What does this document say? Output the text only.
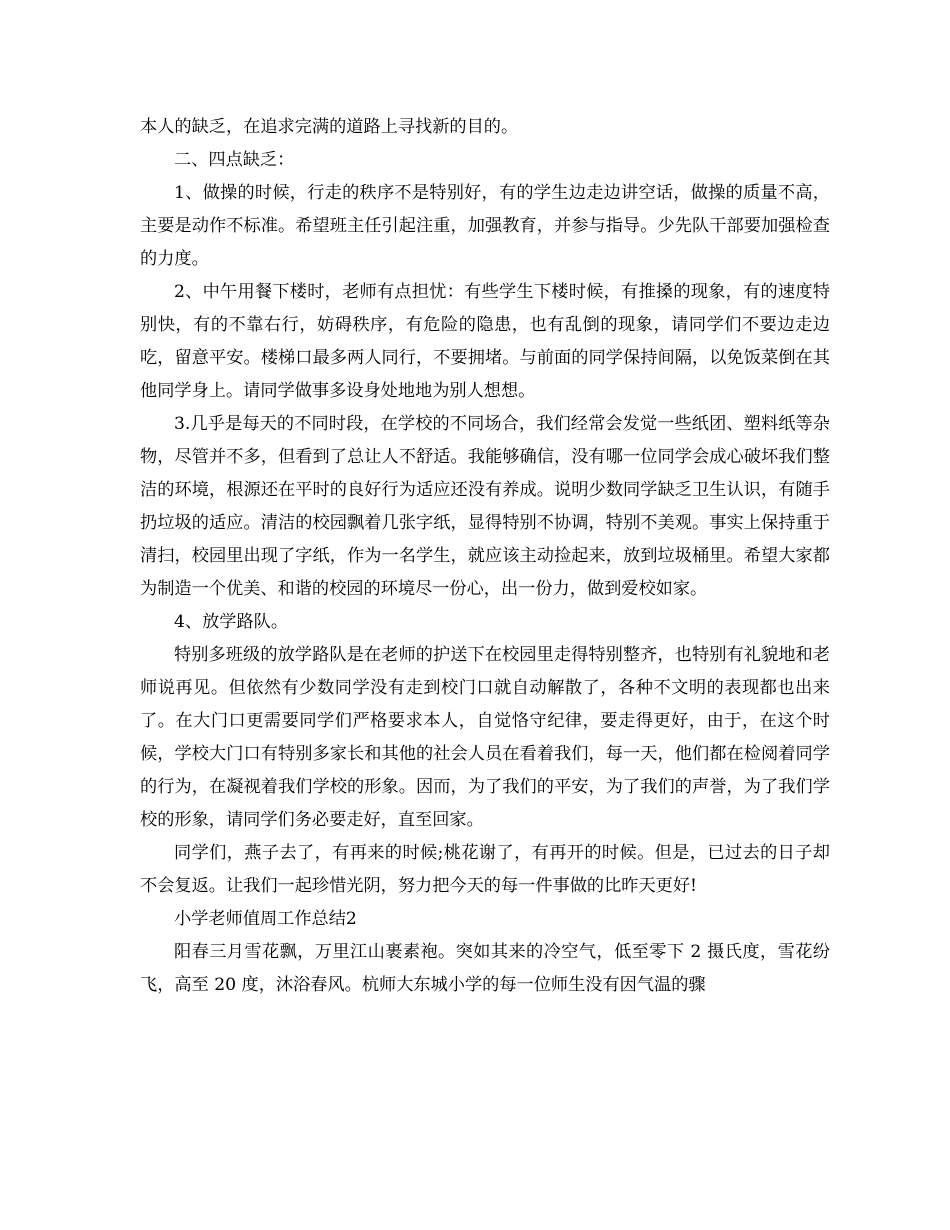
本人的缺乏，在追求完满的道路上寻找新的目的。

二、四点缺乏：

1、做操的时候，行走的秩序不是特别好，有的学生边走边讲空话，做操的质量不高，主要是动作不标准。希望班主任引起注重，加强教育，并参与指导。少先队干部要加强检查的力度。

2、中午用餐下楼时，老师有点担忧：有些学生下楼时候，有推搡的现象，有的速度特别快，有的不靠右行，妨碍秩序，有危险的隐患，也有乱倒的现象，请同学们不要边走边吃，留意平安。楼梯口最多两人同行，不要拥堵。与前面的同学保持间隔，以免饭菜倒在其他同学身上。请同学做事多设身处地地为别人想想。

3.几乎是每天的不同时段，在学校的不同场合，我们经常会发觉一些纸团、塑料纸等杂物，尽管并不多，但看到了总让人不舒适。我能够确信，没有哪一位同学会成心破坏我们整洁的环境，根源还在平时的良好行为适应还没有养成。说明少数同学缺乏卫生认识，有随手扔垃圾的适应。清洁的校园飘着几张字纸，显得特别不协调，特别不美观。事实上保持重于清扫，校园里出现了字纸，作为一名学生，就应该主动捡起来，放到垃圾桶里。希望大家都为制造一个优美、和谐的校园的环境尽一份心，出一份力，做到爱校如家。

4、放学路队。

特别多班级的放学路队是在老师的护送下在校园里走得特别整齐，也特别有礼貌地和老师说再见。但依然有少数同学没有走到校门口就自动解散了，各种不文明的表现都也出来了。在大门口更需要同学们严格要求本人，自觉恪守纪律，要走得更好，由于，在这个时候，学校大门口有特别多家长和其他的社会人员在看着我们，每一天，他们都在检阅着同学的行为，在凝视着我们学校的形象。因而，为了我们的平安，为了我们的声誉，为了我们学校的形象，请同学们务必要走好，直至回家。

同学们，燕子去了，有再来的时候;桃花谢了，有再开的时候。但是，已过去的日子却不会复返。让我们一起珍惜光阴，努力把今天的每一件事做的比昨天更好!

小学老师值周工作总结2

阳春三月雪花飘，万里江山裹素袍。突如其来的冷空气，低至零下 2 摄氏度，雪花纷飞，高至 20 度，沐浴春风。杭师大东城小学的每一位师生没有因气温的骤
